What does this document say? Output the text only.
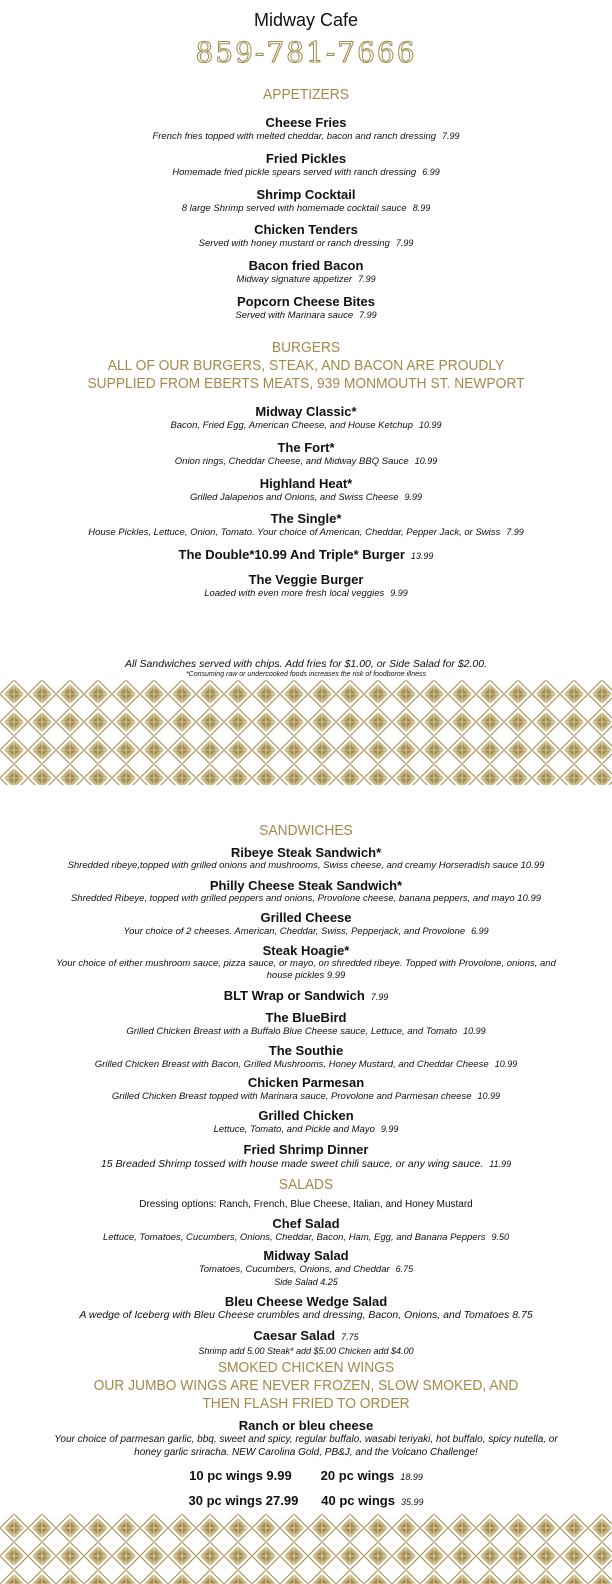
Midway Cafe
859-781-7666
APPETIZERS
Cheese Fries
French fries topped with melted cheddar, bacon and ranch dressing 7.99
Fried Pickles
Homemade fried pickle spears served with ranch dressing 6.99
Shrimp Cocktail
8 large Shrimp served with homemade cocktail sauce 8.99
Chicken Tenders
Served with honey mustard or ranch dressing 7.99
Bacon fried Bacon
Midway signature appetizer 7.99
Popcorn Cheese Bites
Served with Marinara sauce 7.99
BURGERS
ALL OF OUR BURGERS, STEAK, AND BACON ARE PROUDLY SUPPLIED FROM EBERTS MEATS, 939 MONMOUTH ST. NEWPORT
Midway Classic*
Bacon, Fried Egg, American Cheese, and House Ketchup 10.99
The Fort*
Onion rings, Cheddar Cheese, and Midway BBQ Sauce 10.99
Highland Heat*
Grilled Jalapenos and Onions, and Swiss Cheese 9.99
The Single*
House Pickles, Lettuce, Onion, Tomato. Your choice of American, Cheddar, Pepper Jack, or Swiss 7.99
The Double*10.99 And Triple* Burger 13.99
The Veggie Burger
Loaded with even more fresh local veggies 9.99
All Sandwiches served with chips. Add fries for $1.00, or Side Salad for $2.00.
*Consuming raw or undercooked foods increases the risk of foodborne illness
SANDWICHES
Ribeye Steak Sandwich*
Shredded ribeye,topped with grilled onions and mushrooms, Swiss cheese, and creamy Horseradish sauce 10.99
Philly Cheese Steak Sandwich*
Shredded Ribeye, topped with grilled peppers and onions, Provolone cheese, banana peppers, and mayo 10.99
Grilled Cheese
Your choice of 2 cheeses. American, Cheddar, Swiss, Pepperjack, and Provolone 6.99
Steak Hoagie*
Your choice of either mushroom sauce, pizza sauce, or mayo, on shredded ribeye. Topped with Provolone, onions, and house pickles 9.99
BLT Wrap or Sandwich 7.99
The BlueBird
Grilled Chicken Breast with a Buffalo Blue Cheese sauce, Lettuce, and Tomato 10.99
The Southie
Grilled Chicken Breast with Bacon, Grilled Mushrooms, Honey Mustard, and Cheddar Cheese 10.99
Chicken Parmesan
Grilled Chicken Breast topped with Marinara sauce, Provolone and Parmesan cheese 10.99
Grilled Chicken
Lettuce, Tomato, and Pickle and Mayo 9.99
Fried Shrimp Dinner
15 Breaded Shrimp tossed with house made sweet chili sauce, or any wing sauce. 11.99
SALADS
Dressing options: Ranch, French, Blue Cheese, Italian, and Honey Mustard
Chef Salad
Lettuce, Tomatoes, Cucumbers, Onions, Cheddar, Bacon, Ham, Egg, and Banana Peppers 9.50
Midway Salad
Tomatoes, Cucumbers, Onions, and Cheddar 6.75
Side Salad 4.25
Bleu Cheese Wedge Salad
A wedge of Iceberg with Bleu Cheese crumbles and dressing, Bacon, Onions, and Tomatoes 8.75
Caesar Salad 7.75
Shrimp add 5.00 Steak* add $5.00 Chicken add $4.00
SMOKED CHICKEN WINGS
OUR JUMBO WINGS ARE NEVER FROZEN, SLOW SMOKED, AND THEN FLASH FRIED TO ORDER
Ranch or bleu cheese
Your choice of parmesan garlic, bbq, sweet and spicy, regular buffalo, wasabi teriyaki, hot buffalo, spicy nutella, or honey garlic sriracha. NEW Carolina Gold, PB&J, and the Volcano Challenge!
10 pc wings 9.99 20 pc wings 18.99
30 pc wings 27.99 40 pc wings 35.99
